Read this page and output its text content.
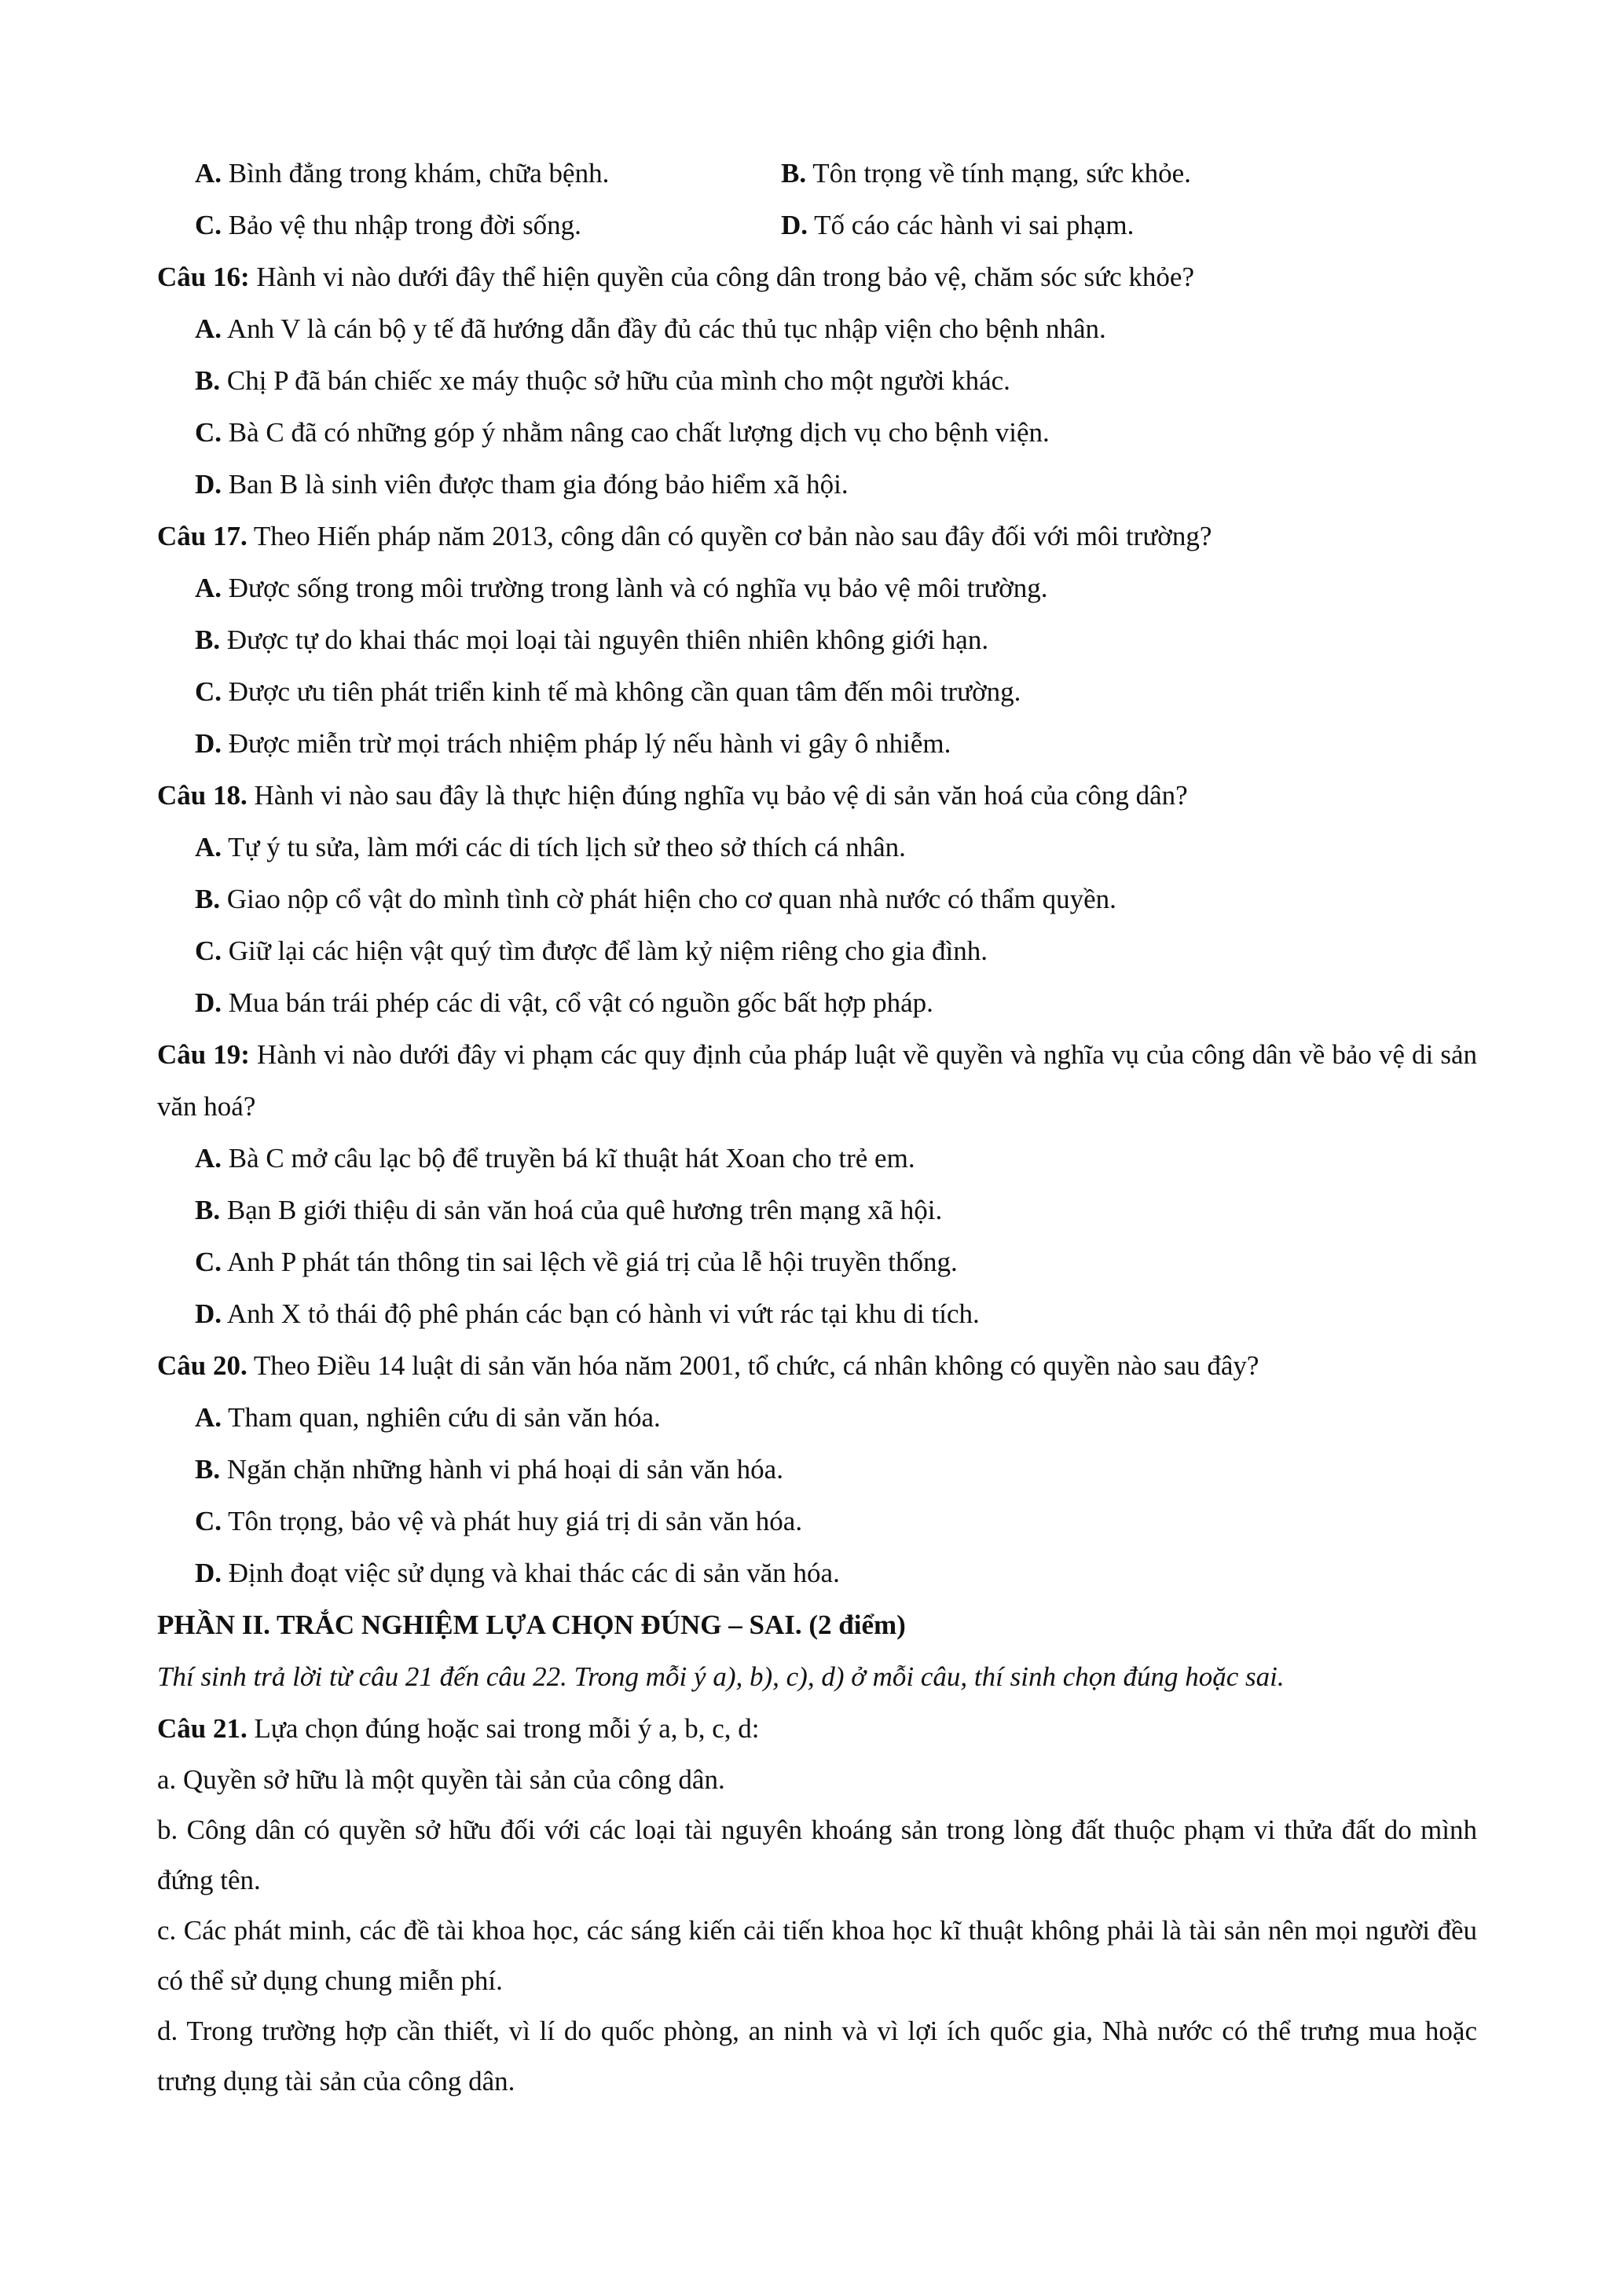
A. Bình đẳng trong khám, chữa bệnh.	B. Tôn trọng về tính mạng, sức khỏe.
C. Bảo vệ thu nhập trong đời sống.	D. Tố cáo các hành vi sai phạm.
Câu 16: Hành vi nào dưới đây thể hiện quyền của công dân trong bảo vệ, chăm sóc sức khỏe?
A. Anh V là cán bộ y tế đã hướng dẫn đầy đủ các thủ tục nhập viện cho bệnh nhân.
B. Chị P đã bán chiếc xe máy thuộc sở hữu của mình cho một người khác.
C. Bà C đã có những góp ý nhằm nâng cao chất lượng dịch vụ cho bệnh viện.
D. Ban B là sinh viên được tham gia đóng bảo hiểm xã hội.
Câu 17. Theo Hiến pháp năm 2013, công dân có quyền cơ bản nào sau đây đối với môi trường?
A. Được sống trong môi trường trong lành và có nghĩa vụ bảo vệ môi trường.
B. Được tự do khai thác mọi loại tài nguyên thiên nhiên không giới hạn.
C. Được ưu tiên phát triển kinh tế mà không cần quan tâm đến môi trường.
D. Được miễn trừ mọi trách nhiệm pháp lý nếu hành vi gây ô nhiễm.
Câu 18. Hành vi nào sau đây là thực hiện đúng nghĩa vụ bảo vệ di sản văn hoá của công dân?
A. Tự ý tu sửa, làm mới các di tích lịch sử theo sở thích cá nhân.
B. Giao nộp cổ vật do mình tình cờ phát hiện cho cơ quan nhà nước có thẩm quyền.
C. Giữ lại các hiện vật quý tìm được để làm kỷ niệm riêng cho gia đình.
D. Mua bán trái phép các di vật, cổ vật có nguồn gốc bất hợp pháp.
Câu 19: Hành vi nào dưới đây vi phạm các quy định của pháp luật về quyền và nghĩa vụ của công dân về bảo vệ di sản văn hoá?
A. Bà C mở câu lạc bộ để truyền bá kĩ thuật hát Xoan cho trẻ em.
B. Bạn B giới thiệu di sản văn hoá của quê hương trên mạng xã hội.
C. Anh P phát tán thông tin sai lệch về giá trị của lễ hội truyền thống.
D. Anh X tỏ thái độ phê phán các bạn có hành vi vứt rác tại khu di tích.
Câu 20. Theo Điều 14 luật di sản văn hóa năm 2001, tổ chức, cá nhân không có quyền nào sau đây?
A. Tham quan, nghiên cứu di sản văn hóa.
B. Ngăn chặn những hành vi phá hoại di sản văn hóa.
C. Tôn trọng, bảo vệ và phát huy giá trị di sản văn hóa.
D. Định đoạt việc sử dụng và khai thác các di sản văn hóa.
PHẦN II. TRẮC NGHIỆM LỰA CHỌN ĐÚNG – SAI. (2 điểm)
Thí sinh trả lời từ câu 21 đến câu 22. Trong mỗi ý a), b), c), d) ở mỗi câu, thí sinh chọn đúng hoặc sai.
Câu 21. Lựa chọn đúng hoặc sai trong mỗi ý a, b, c, d:
a. Quyền sở hữu là một quyền tài sản của công dân.
b. Công dân có quyền sở hữu đối với các loại tài nguyên khoáng sản trong lòng đất thuộc phạm vi thửa đất do mình đứng tên.
c. Các phát minh, các đề tài khoa học, các sáng kiến cải tiến khoa học kĩ thuật không phải là tài sản nên mọi người đều có thể sử dụng chung miễn phí.
d. Trong trường hợp cần thiết, vì lí do quốc phòng, an ninh và vì lợi ích quốc gia, Nhà nước có thể trưng mua hoặc trưng dụng tài sản của công dân.
